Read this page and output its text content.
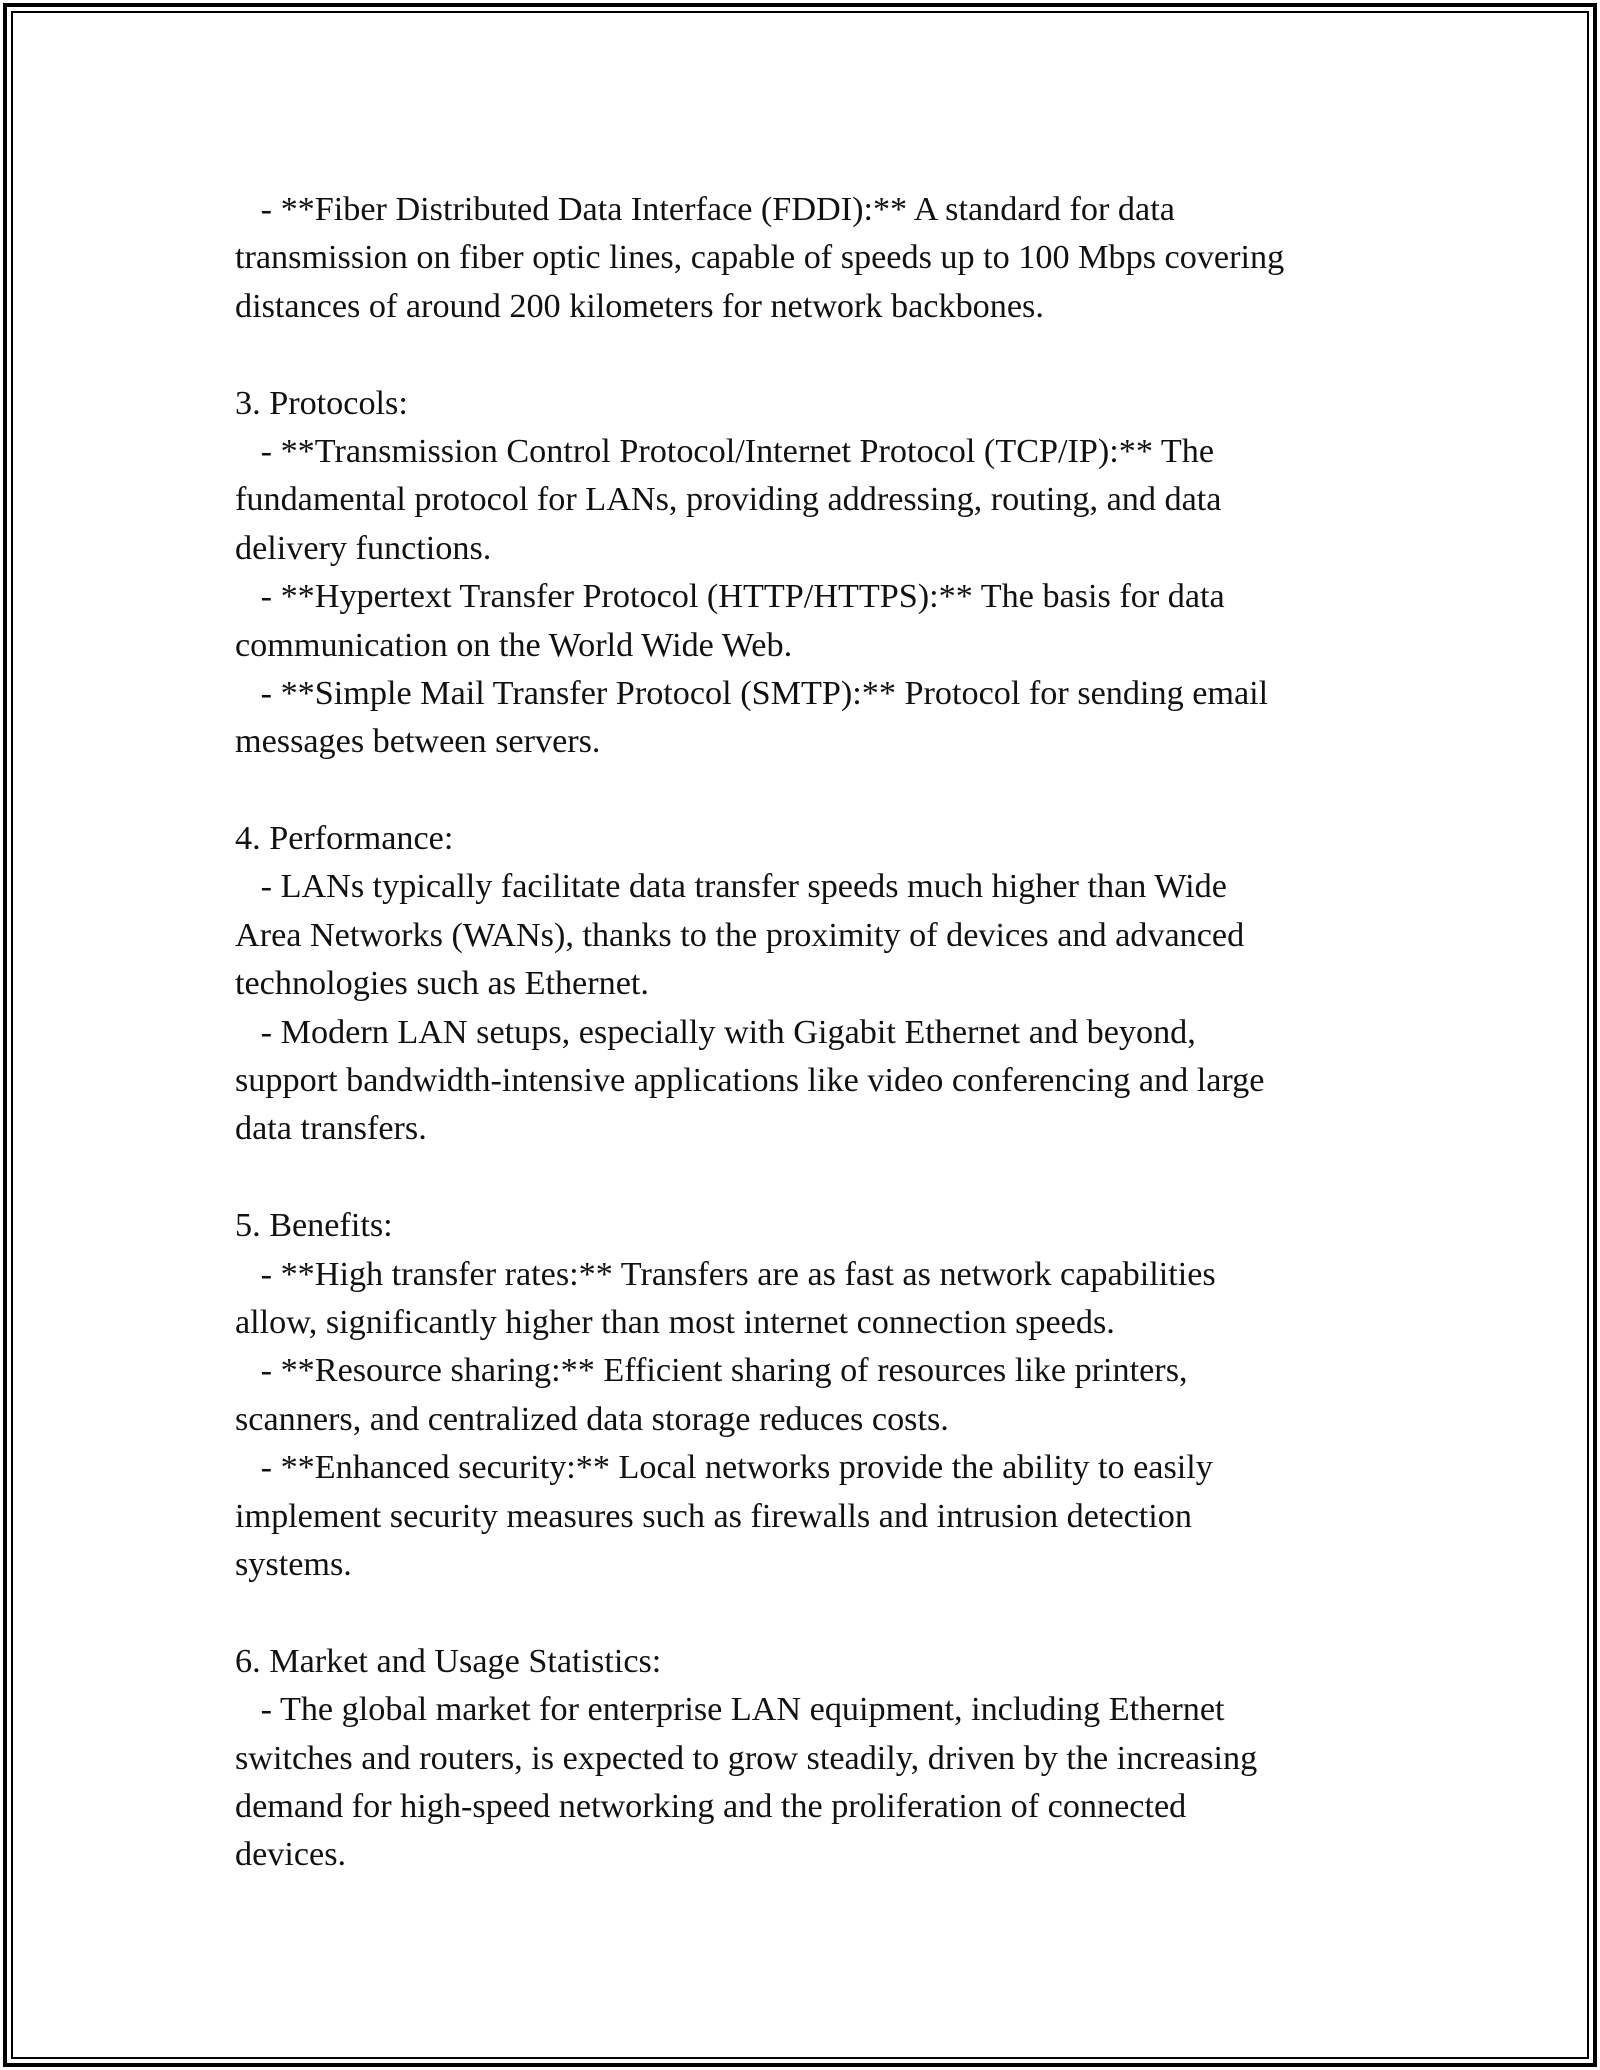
- **Fiber Distributed Data Interface (FDDI):** A standard for data
transmission on fiber optic lines, capable of speeds up to 100 Mbps covering
distances of around 200 kilometers for network backbones.
3. Protocols:
- **Transmission Control Protocol/Internet Protocol (TCP/IP):** The
fundamental protocol for LANs, providing addressing, routing, and data
delivery functions.
- **Hypertext Transfer Protocol (HTTP/HTTPS):** The basis for data
communication on the World Wide Web.
- **Simple Mail Transfer Protocol (SMTP):** Protocol for sending email
messages between servers.
4. Performance:
- LANs typically facilitate data transfer speeds much higher than Wide
Area Networks (WANs), thanks to the proximity of devices and advanced
technologies such as Ethernet.
- Modern LAN setups, especially with Gigabit Ethernet and beyond,
support bandwidth-intensive applications like video conferencing and large
data transfers.
5. Benefits:
- **High transfer rates:** Transfers are as fast as network capabilities
allow, significantly higher than most internet connection speeds.
- **Resource sharing:** Efficient sharing of resources like printers,
scanners, and centralized data storage reduces costs.
- **Enhanced security:** Local networks provide the ability to easily
implement security measures such as firewalls and intrusion detection
systems.
6. Market and Usage Statistics:
- The global market for enterprise LAN equipment, including Ethernet
switches and routers, is expected to grow steadily, driven by the increasing
demand for high-speed networking and the proliferation of connected
devices.
